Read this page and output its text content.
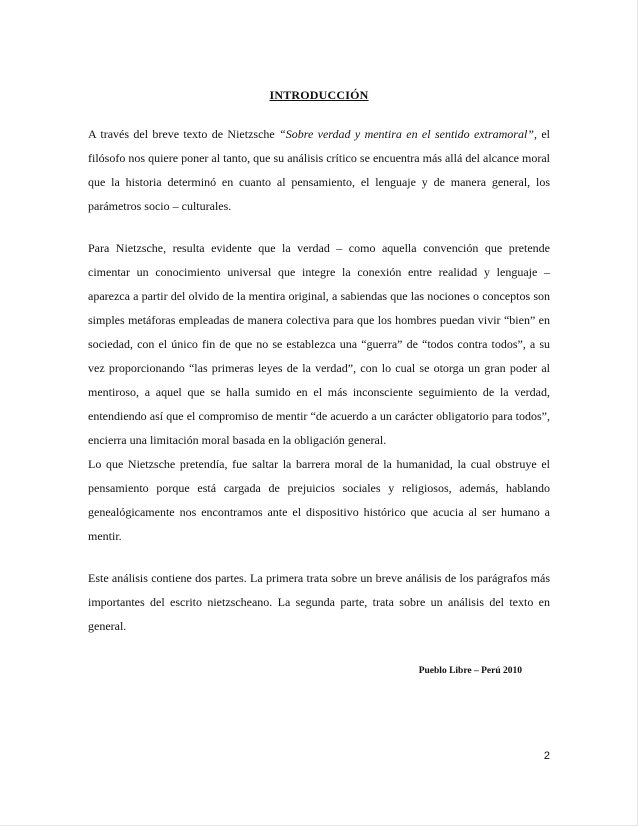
INTRODUCCIÓN

A través del breve texto de Nietzsche “Sobre verdad y mentira en el sentido extramoral”, el filósofo nos quiere poner al tanto, que su análisis crítico se encuentra más allá del alcance moral que la historia determinó en cuanto al pensamiento, el lenguaje y de manera general, los parámetros socio – culturales.

Para Nietzsche, resulta evidente que la verdad – como aquella convención que pretende cimentar un conocimiento universal que integre la conexión entre realidad y lenguaje – aparezca a partir del olvido de la mentira original, a sabiendas que las nociones o conceptos son simples metáforas empleadas de manera colectiva para que los hombres puedan vivir “bien” en sociedad, con el único fin de que no se establezca una “guerra” de “todos contra todos”, a su vez proporcionando “las primeras leyes de la verdad”, con lo cual se otorga un gran poder al mentiroso, a aquel que se halla sumido en el más inconsciente seguimiento de la verdad, entendiendo así que el compromiso de mentir “de acuerdo a un carácter obligatorio para todos”, encierra una limitación moral basada en la obligación general.

Lo que Nietzsche pretendía, fue saltar la barrera moral de la humanidad, la cual obstruye el pensamiento porque está cargada de prejuicios sociales y religiosos, además, hablando genealógicamente nos encontramos ante el dispositivo histórico que acucia al ser humano a mentir.

Este análisis contiene dos partes. La primera trata sobre un breve análisis de los parágrafos más importantes del escrito nietzscheano. La segunda parte, trata sobre un análisis del texto en general.

Pueblo Libre – Perú 2010
2
